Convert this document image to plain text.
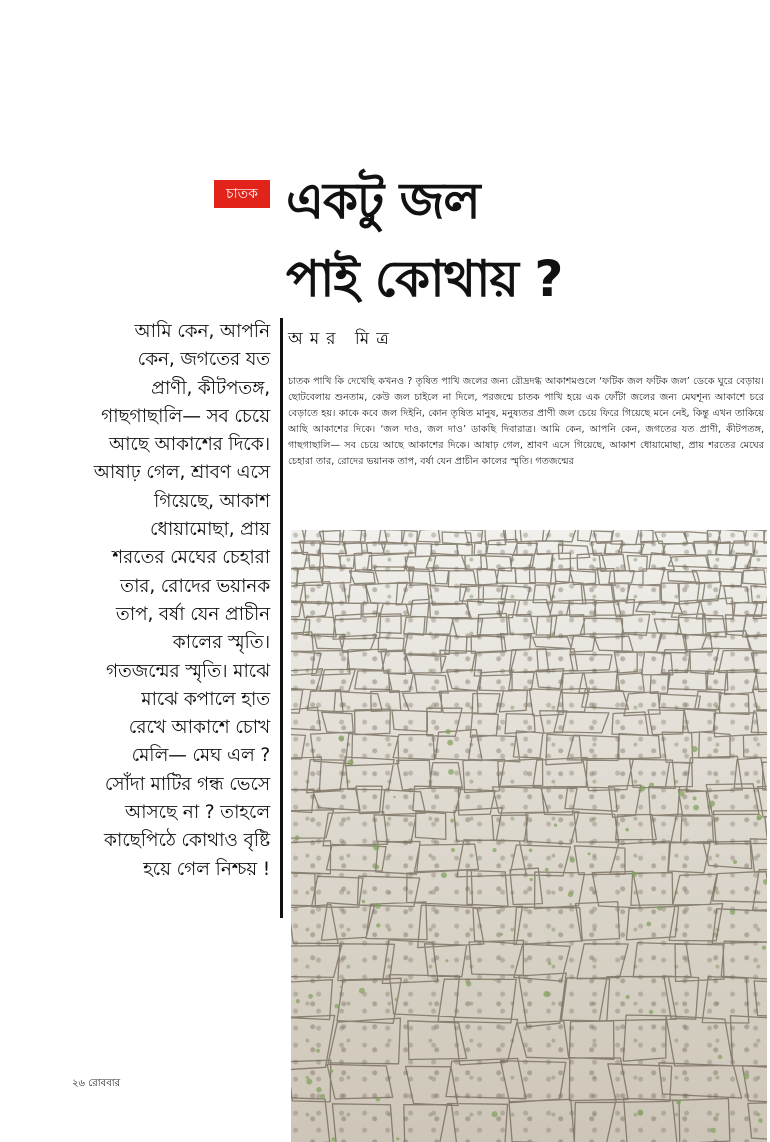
চাতক একটু জল
পাই কোথায় ?
আমি কেন, আপনি
কেন, জগতের যত
প্রাণী, কীটপতঙ্গ,
গাছগাছালি— সব চেয়ে
আছে আকাশের দিকে।
আষাঢ় গেল, শ্রাবণ এসে
গিয়েছে, আকাশ
ধোয়ামোছা, প্রায়
শরতের মেঘের চেহারা
তার, রোদের ভয়ানক
তাপ, বর্ষা যেন প্রাচীন
কালের স্মৃতি।
গতজন্মের স্মৃতি। মাঝে
মাঝে কপালে হাত
রেখে আকাশে চোখ
মেলি— মেঘ এল ?
সোঁদা মাটির গন্ধ ভেসে
আসছে না ? তাহলে
কাছেপিঠে কোথাও বৃষ্টি
হয়ে গেল নিশ্চয় !
অমর মিত্র

চাতক পাখি কি দেখেছি কখনও ? তৃষিত পাখি জলের জন্য রৌদ্রদগ্ধ আকাশমণ্ডলে ‘ফটিক জল ফটিক জল’ ডেকে ঘুরে বেড়ায়। ছোটবেলায় শুনতাম, কেউ জল চাইলে না দিলে, পরজন্মে চাতক পাখি হয়ে এক ফোঁটা জলের জন্য মেঘশূন্য আকাশে চরে বেড়াতে হয়। কাকে কবে জল দিইনি, কোন তৃষিত মানুষ, মনুষ্যতর প্রাণী জল চেয়ে ফিরে গিয়েছে মনে নেই, কিন্তু এখন তাকিয়ে আছি আকাশের দিকে। ‘জল দাও, জল দাও’ ডাকছি দিবারাত্র। আমি কেন, আপনি কেন, জগতের যত প্রাণী, কীটপতঙ্গ, গাছগাছালি— সব চেয়ে আছে আকাশের দিকে। আষাঢ় গেল, শ্রাবণ এসে গিয়েছে, আকাশ ধোয়ামোছা, প্রায় শরতের মেঘের চেহারা তার, রোদের ভয়ানক তাপ, বর্ষা যেন প্রাচীন কালের স্মৃতি। গতজন্মের

২৬ রোববার
